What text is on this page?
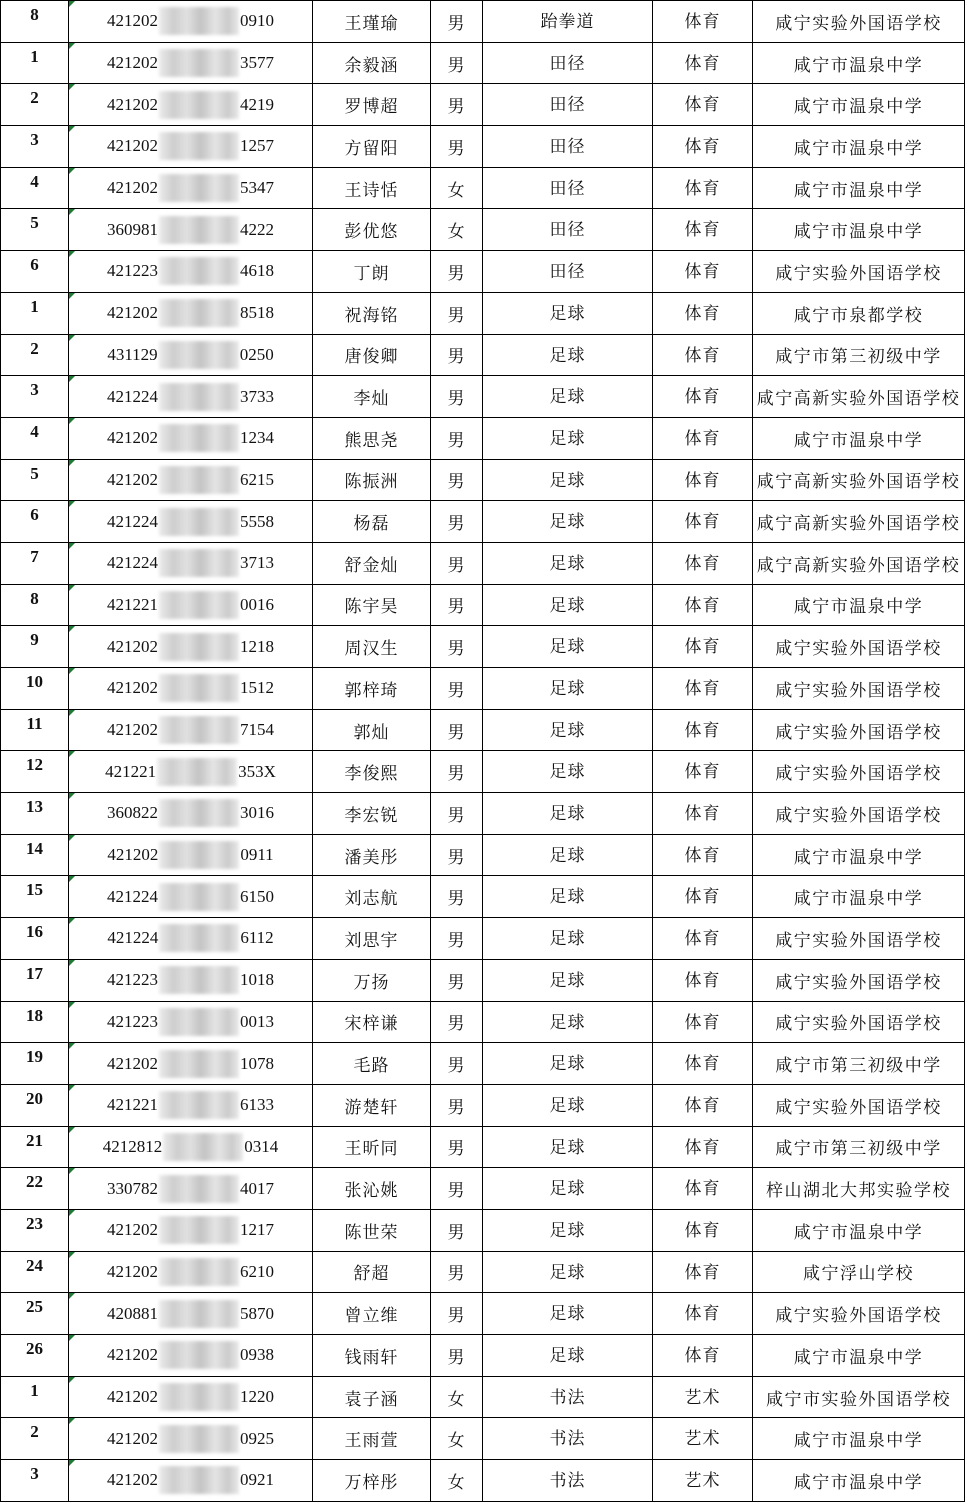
8	421202 0910	王瑾瑜	男	跆拳道	体育	咸宁实验外国语学校
1	421202 3577	余毅涵	男	田径	体育	咸宁市温泉中学
2	421202 4219	罗博超	男	田径	体育	咸宁市温泉中学
3	421202 1257	方留阳	男	田径	体育	咸宁市温泉中学
4	421202 5347	王诗恬	女	田径	体育	咸宁市温泉中学
5	360981 4222	彭优悠	女	田径	体育	咸宁市温泉中学
6	421223 4618	丁朗	男	田径	体育	咸宁实验外国语学校
1	421202 8518	祝海铭	男	足球	体育	咸宁市泉都学校
2	431129 0250	唐俊卿	男	足球	体育	咸宁市第三初级中学
3	421224 3733	李灿	男	足球	体育	咸宁高新实验外国语学校
4	421202 1234	熊思尧	男	足球	体育	咸宁市温泉中学
5	421202 6215	陈振洲	男	足球	体育	咸宁高新实验外国语学校
6	421224 5558	杨磊	男	足球	体育	咸宁高新实验外国语学校
7	421224 3713	舒金灿	男	足球	体育	咸宁高新实验外国语学校
8	421221 0016	陈宇昊	男	足球	体育	咸宁市温泉中学
9	421202 1218	周汉生	男	足球	体育	咸宁实验外国语学校
10	421202 1512	郭梓琦	男	足球	体育	咸宁实验外国语学校
11	421202 7154	郭灿	男	足球	体育	咸宁实验外国语学校
12	421221 353X	李俊熙	男	足球	体育	咸宁实验外国语学校
13	360822 3016	李宏锐	男	足球	体育	咸宁实验外国语学校
14	421202 0911	潘美彤	男	足球	体育	咸宁市温泉中学
15	421224 6150	刘志航	男	足球	体育	咸宁市温泉中学
16	421224 6112	刘思宇	男	足球	体育	咸宁实验外国语学校
17	421223 1018	万扬	男	足球	体育	咸宁实验外国语学校
18	421223 0013	宋梓谦	男	足球	体育	咸宁实验外国语学校
19	421202 1078	毛路	男	足球	体育	咸宁市第三初级中学
20	421221 6133	游楚轩	男	足球	体育	咸宁实验外国语学校
21	4212812 0314	王昕同	男	足球	体育	咸宁市第三初级中学
22	330782 4017	张沁姚	男	足球	体育	梓山湖北大邦实验学校
23	421202 1217	陈世荣	男	足球	体育	咸宁市温泉中学
24	421202 6210	舒超	男	足球	体育	咸宁浮山学校
25	420881 5870	曾立维	男	足球	体育	咸宁实验外国语学校
26	421202 0938	钱雨轩	男	足球	体育	咸宁市温泉中学
1	421202 1220	袁子涵	女	书法	艺术	咸宁市实验外国语学校
2	421202 0925	王雨萱	女	书法	艺术	咸宁市温泉中学
3	421202 0921	万梓彤	女	书法	艺术	咸宁市温泉中学
